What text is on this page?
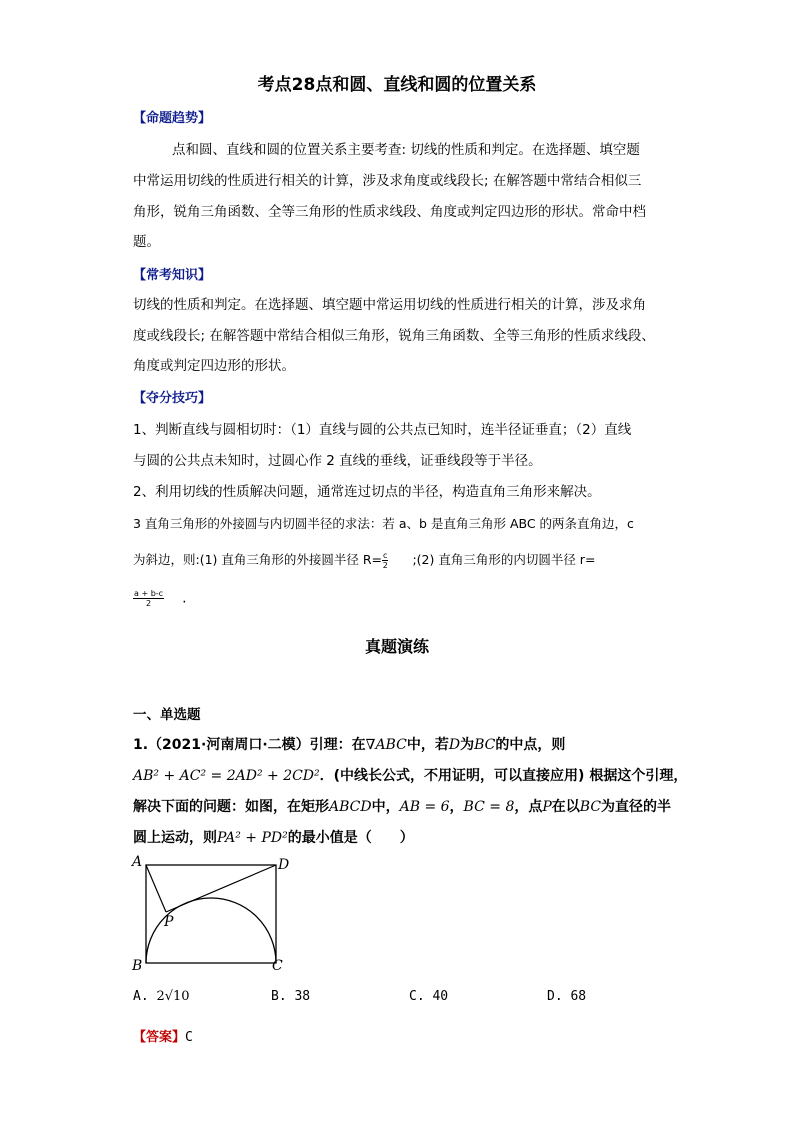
考点28点和圆、直线和圆的位置关系
【命题趋势】
点和圆、直线和圆的位置关系主要考查: 切线的性质和判定。在选择题、填空题
中常运用切线的性质进行相关的计算，涉及求角度或线段长; 在解答题中常结合相似三
角形，锐角三角函数、全等三角形的性质求线段、角度或判定四边形的形状。常命中档
题。
【常考知识】
切线的性质和判定。在选择题、填空题中常运用切线的性质进行相关的计算，涉及求角
度或线段长; 在解答题中常结合相似三角形，锐角三角函数、全等三角形的性质求线段、
角度或判定四边形的形状。
【夺分技巧】
1、判断直线与圆相切时：（1）直线与圆的公共点已知时，连半径证垂直；（2）直线
与圆的公共点未知时，过圆心作 2 直线的垂线，证垂线段等于半径。
2、利用切线的性质解决问题，通常连过切点的半径，构造直角三角形来解决。
3 直角三角形的外接圆与内切圆半径的求法：若 a、b 是直角三角形 ABC 的两条直角边，c
为斜边，则:(1) 直角三角形的外接圆半径 $R= \frac{c}{2}$ ;(2) 直角三角形的内切圆半径 r=
$\frac{a + b-c}{2}$ .
真题演练
一、单选题
1.（2021·河南周口·二模）引理：在∇ABC中，若D为BC的中点，则
AB² + AC² = 2AD² + 2CD²．(中线长公式，不用证明，可以直接应用) 根据这个引理，
解决下面的问题：如图，在矩形ABCD中，AB = 6，BC = 8，点P在以BC为直径的半
圆上运动，则PA² + PD²的最小值是（　　）
A	D
B	C
P
A. 2√10	B. 38	C. 40	D. 68
【答案】C
